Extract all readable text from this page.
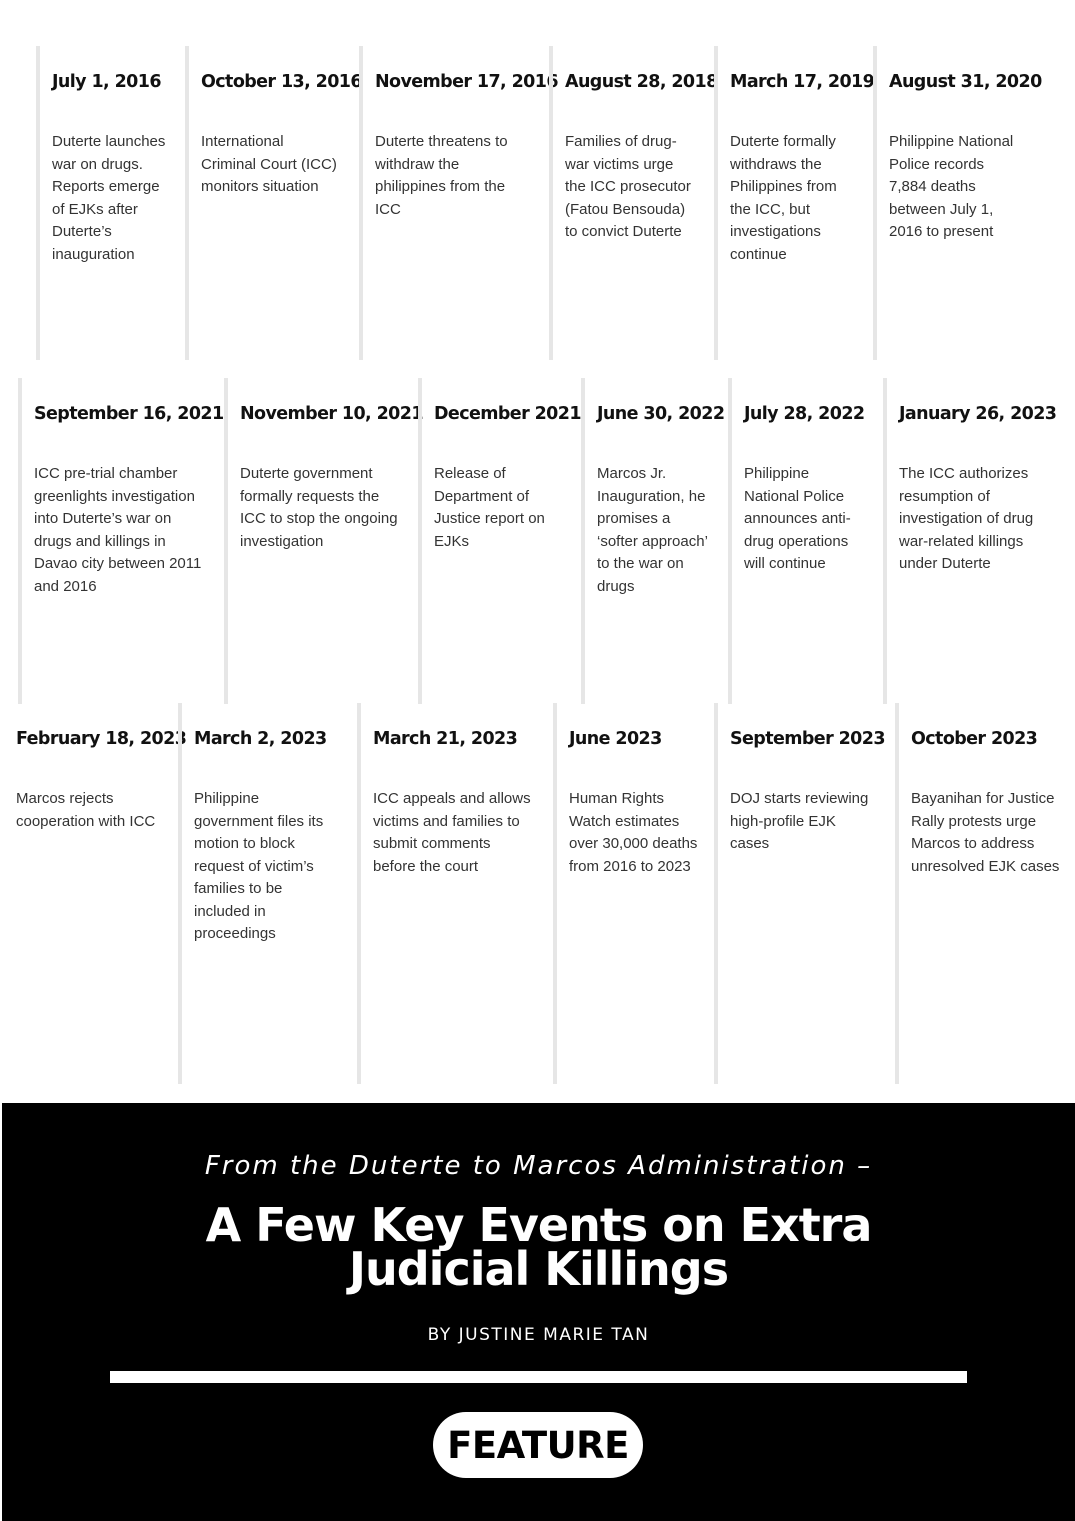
July 1, 2016
Duterte launches
war on drugs.
Reports emerge
of EJKs after
Duterte’s
inauguration
October 13, 2016
International
Criminal Court (ICC)
monitors situation
November 17, 2016
Duterte threatens to
withdraw the
philippines from the
ICC
August 28, 2018
Families of drug-
war victims urge
the ICC prosecutor
(Fatou Bensouda)
to convict Duterte
March 17, 2019
Duterte formally
withdraws the
Philippines from
the ICC, but
investigations
continue
August 31, 2020
Philippine National
Police records
7,884 deaths
between July 1,
2016 to present
September 16, 2021
ICC pre-trial chamber
greenlights investigation
into Duterte’s war on
drugs and killings in
Davao city between 2011
and 2016
November 10, 2021
Duterte government
formally requests the
ICC to stop the ongoing
investigation
December 2021
Release of
Department of
Justice report on
EJKs
June 30, 2022
Marcos Jr.
Inauguration, he
promises a
‘softer approach’
to the war on
drugs
July 28, 2022
Philippine
National Police
announces anti-
drug operations
will continue
January 26, 2023
The ICC authorizes
resumption of
investigation of drug
war-related killings
under Duterte
February 18, 2023
Marcos rejects
cooperation with ICC
March 2, 2023
Philippine
government files its
motion to block
request of victim’s
families to be
included in
proceedings
March 21, 2023
ICC appeals and allows
victims and families to
submit comments
before the court
June 2023
Human Rights
Watch estimates
over 30,000 deaths
from 2016 to 2023
September 2023
DOJ starts reviewing
high-profile EJK
cases
October 2023
Bayanihan for Justice
Rally protests urge
Marcos to address
unresolved EJK cases
From the Duterte to Marcos Administration –
A Few Key Events on Extra
Judicial Killings
BY JUSTINE MARIE TAN
FEATURE
